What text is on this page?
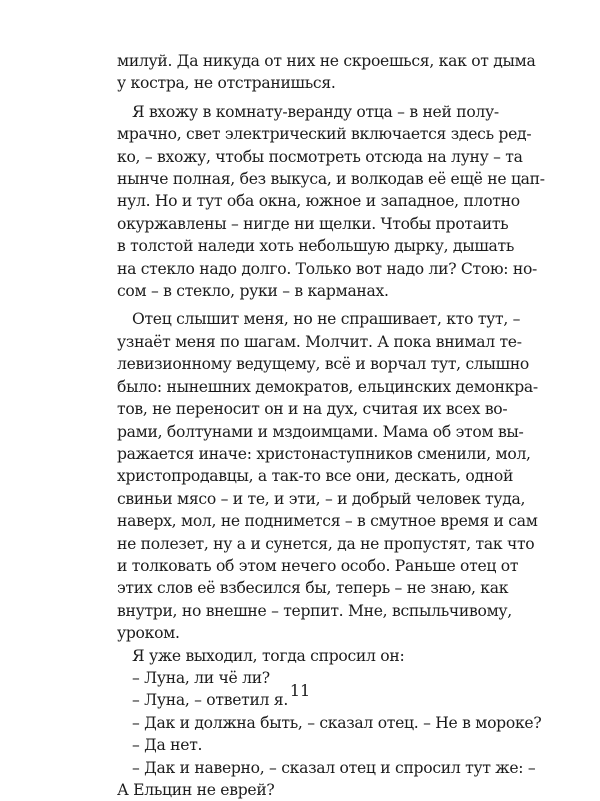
милуй. Да никуда от них не скроешься, как от дыма
у костра, не отстранишься.
Я вхожу в комнату-веранду отца – в ней полу-
мрачно, свет электрический включается здесь ред-
ко, – вхожу, чтобы посмотреть отсюда на луну – та
нынче полная, без выкуса, и волкодав её ещё не цап-
нул. Но и тут оба окна, южное и западное, плотно
окуржавлены – нигде ни щелки. Чтобы протаить
в толстой наледи хоть небольшую дырку, дышать
на стекло надо долго. Только вот надо ли? Стою: но-
сом – в стекло, руки – в карманах.
Отец слышит меня, но не спрашивает, кто тут, –
узнаёт меня по шагам. Молчит. А пока внимал те-
левизионному ведущему, всё и ворчал тут, слышно
было: нынешних демократов, ельцинских демонкра-
тов, не переносит он и на дух, считая их всех во-
рами, болтунами и мздоимцами. Мама об этом вы-
ражается иначе: христонаступников сменили, мол,
христопродавцы, а так-то все они, дескать, одной
свиньи мясо – и те, и эти, – и добрый человек туда,
наверх, мол, не поднимется – в смутное время и сам
не полезет, ну а и сунется, да не пропустят, так что
и толковать об этом нечего особо. Раньше отец от
этих слов её взбесился бы, теперь – не знаю, как
внутри, но внешне – терпит. Мне, вспыльчивому,
уроком.
Я уже выходил, тогда спросил он:
– Луна, ли чё ли?
– Луна, – ответил я.
– Дак и должна быть, – сказал отец. – Не в мороке?
– Да нет.
– Дак и наверно, – сказал отец и спросил тут же: –
А Ельцин не еврей?
11
